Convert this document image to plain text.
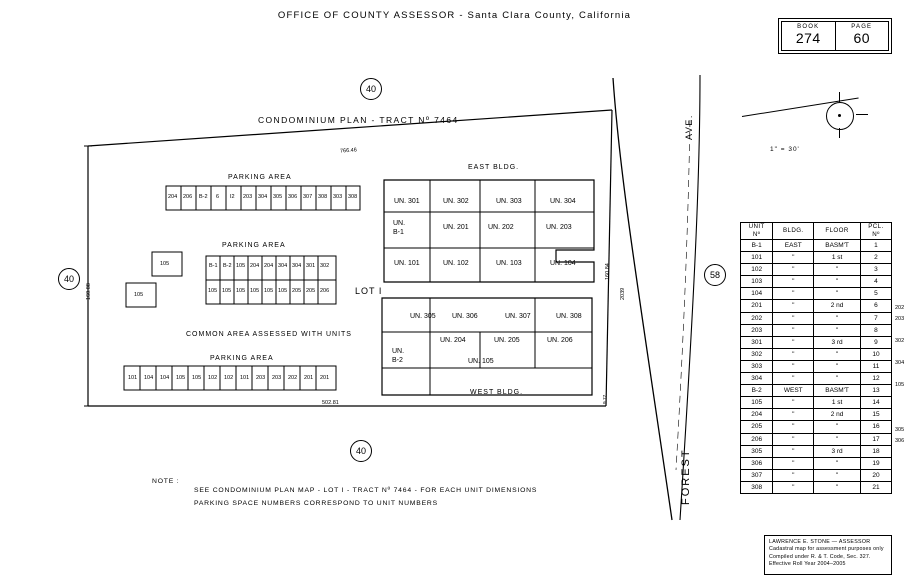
OFFICE OF COUNTY ASSESSOR - Santa Clara County, California
BOOK
274
PAGE
60
1" = 30'
40
40
40
58
CONDOMINIUM PLAN - TRACT Nº 7464
LOT I
EAST BLDG.
WEST BLDG.
PARKING AREA
PARKING AREA
PARKING AREA
COMMON AREA ASSESSED WITH UNITS
766.46
502.81
160.88
160.84
2039
9.77
AVE.
FOREST
UN. 301	UN. 302	UN. 303	UN. 304
UN.
B-1
UN. 201	UN. 202	UN. 203
UN. 101	UN. 102	UN. 103	UN. 104
UN. 305 UN. 306	UN. 307	UN. 308
UN.
B-2
UN. 204	UN. 205	UN. 206
UN. 105
204 206 B-2 6 I2 203 304 305 306 307 308 303 308
B-1 B-2 105 204 204 304 304 301 302
105 105 105 105 105 105 205 205 206
105
105
101 104 104 105 105 102 102 101 203 203 202 201 201
NOTE :
SEE CONDOMINIUM PLAN MAP - LOT I - TRACT Nº 7464 - FOR EACH UNIT DIMENSIONS
PARKING SPACE NUMBERS CORRESPOND TO UNIT NUMBERS
UNIT
Nº	BLDG.	FLOOR	PCL.
Nº
B-1	EAST	BASM'T	1
101	"	1 st	2
102	"	"	3
103	"	"	4
104	"	"	5
201	"	2 nd	6
202	"	"	7
203	"	"	8
301	"	3 rd	9
302	"	"	10
303	"	"	11
304	"	"	12
B-2	WEST	BASM'T	13
105	"	1 st	14
204	"	2 nd	15
205	"	"	16
206	"	"	17
305	"	3 rd	18
306	"	"	19
307	"	"	20
308	"	"	21
LAWRENCE E. STONE — ASSESSOR
Cadastral map for assessment purposes only
Compiled under R. & T. Code, Sec. 327.
Effective Roll Year 2004–2005
202
203
302
304
105
305
306
